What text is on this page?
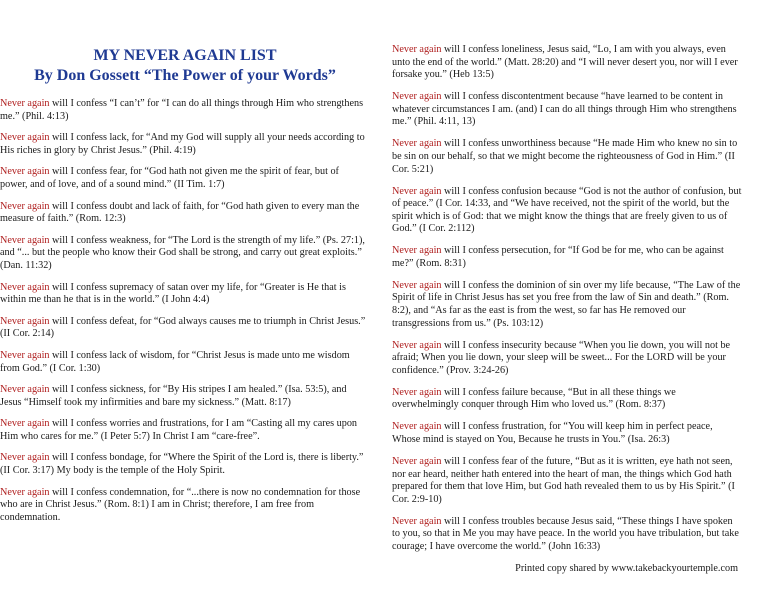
MY NEVER AGAIN LIST
By Don Gossett “The Power of your Words”

Never again will I confess “I can’t” for “I can do all things through Him who strengthens me.” (Phil. 4:13)

Never again will I confess lack, for “And my God will supply all your needs according to His riches in glory by Christ Jesus.” (Phil. 4:19)

Never again will I confess fear, for “God hath not given me the spirit of fear, but of power, and of love, and of a sound mind.” (II Tim. 1:7)

Never again will I confess doubt and lack of faith, for “God hath given to every man the measure of faith.” (Rom. 12:3)

Never again will I confess weakness, for “The Lord is the strength of my life.” (Ps. 27:1), and “... but the people who know their God shall be strong, and carry out great exploits.” (Dan. 11:32)

Never again will I confess supremacy of satan over my life, for “Greater is He that is within me than he that is in the world.” (I John 4:4)

Never again will I confess defeat, for “God always causes me to triumph in Christ Jesus.” (II Cor. 2:14)

Never again will I confess lack of wisdom, for “Christ Jesus is made unto me wisdom from God.” (I Cor. 1:30)

Never again will I confess sickness, for “By His stripes I am healed.” (Isa. 53:5), and Jesus “Himself took my infirmities and bare my sickness.” (Matt. 8:17)

Never again will I confess worries and frustrations, for I am “Casting all my cares upon Him who cares for me.” (I Peter 5:7) In Christ I am “care-free”.

Never again will I confess bondage, for “Where the Spirit of the Lord is, there is liberty.” (II Cor. 3:17) My body is the temple of the Holy Spirit.

Never again will I confess condemnation, for “...there is now no condemnation for those who are in Christ Jesus.” (Rom. 8:1) I am in Christ; therefore, I am free from condemnation.

Never again will I confess loneliness, Jesus said, “Lo, I am with you always, even unto the end of the world.” (Matt. 28:20) and “I will never desert you, nor will I ever forsake you.” (Heb 13:5)

Never again will I confess discontentment because “have learned to be content in whatever circumstances I am. (and) I can do all things through Him who strengthens me.” (Phil. 4:11, 13)

Never again will I confess unworthiness because “He made Him who knew no sin to be sin on our behalf, so that we might become the righteousness of God in Him.” (II Cor. 5:21)

Never again will I confess confusion because “God is not the author of confusion, but of peace.” (I Cor. 14:33, and “We have received, not the spirit of the world, but the spirit which is of God: that we might know the things that are freely given to us of God.” (I Cor. 2:112)

Never again will I confess persecution, for “If God be for me, who can be against me?” (Rom. 8:31)

Never again will I confess the dominion of sin over my life because, “The Law of the Spirit of life in Christ Jesus has set you free from the law of Sin and death.” (Rom. 8:2), and “As far as the east is from the west, so far has He removed our transgressions from us.” (Ps. 103:12)

Never again will I confess insecurity because “When you lie down, you will not be afraid; When you lie down, your sleep will be sweet... For the LORD will be your confidence.” (Prov. 3:24-26)

Never again will I confess failure because, “But in all these things we overwhelmingly conquer through Him who loved us.” (Rom. 8:37)

Never again will I confess frustration, for “You will keep him in perfect peace, Whose mind is stayed on You, Because he trusts in You.” (Isa. 26:3)

Never again will I confess fear of the future, “But as it is written, eye hath not seen, nor ear heard, neither hath entered into the heart of man, the things which God hath prepared for them that love Him, but God hath revealed them to us by His Spirit.” (I Cor. 2:9-10)

Never again will I confess troubles because Jesus said, “These things I have spoken to you, so that in Me you may have peace. In the world you have tribulation, but take courage; I have overcome the world.” (John 16:33)

Printed copy shared by www.takebackyourtemple.com
